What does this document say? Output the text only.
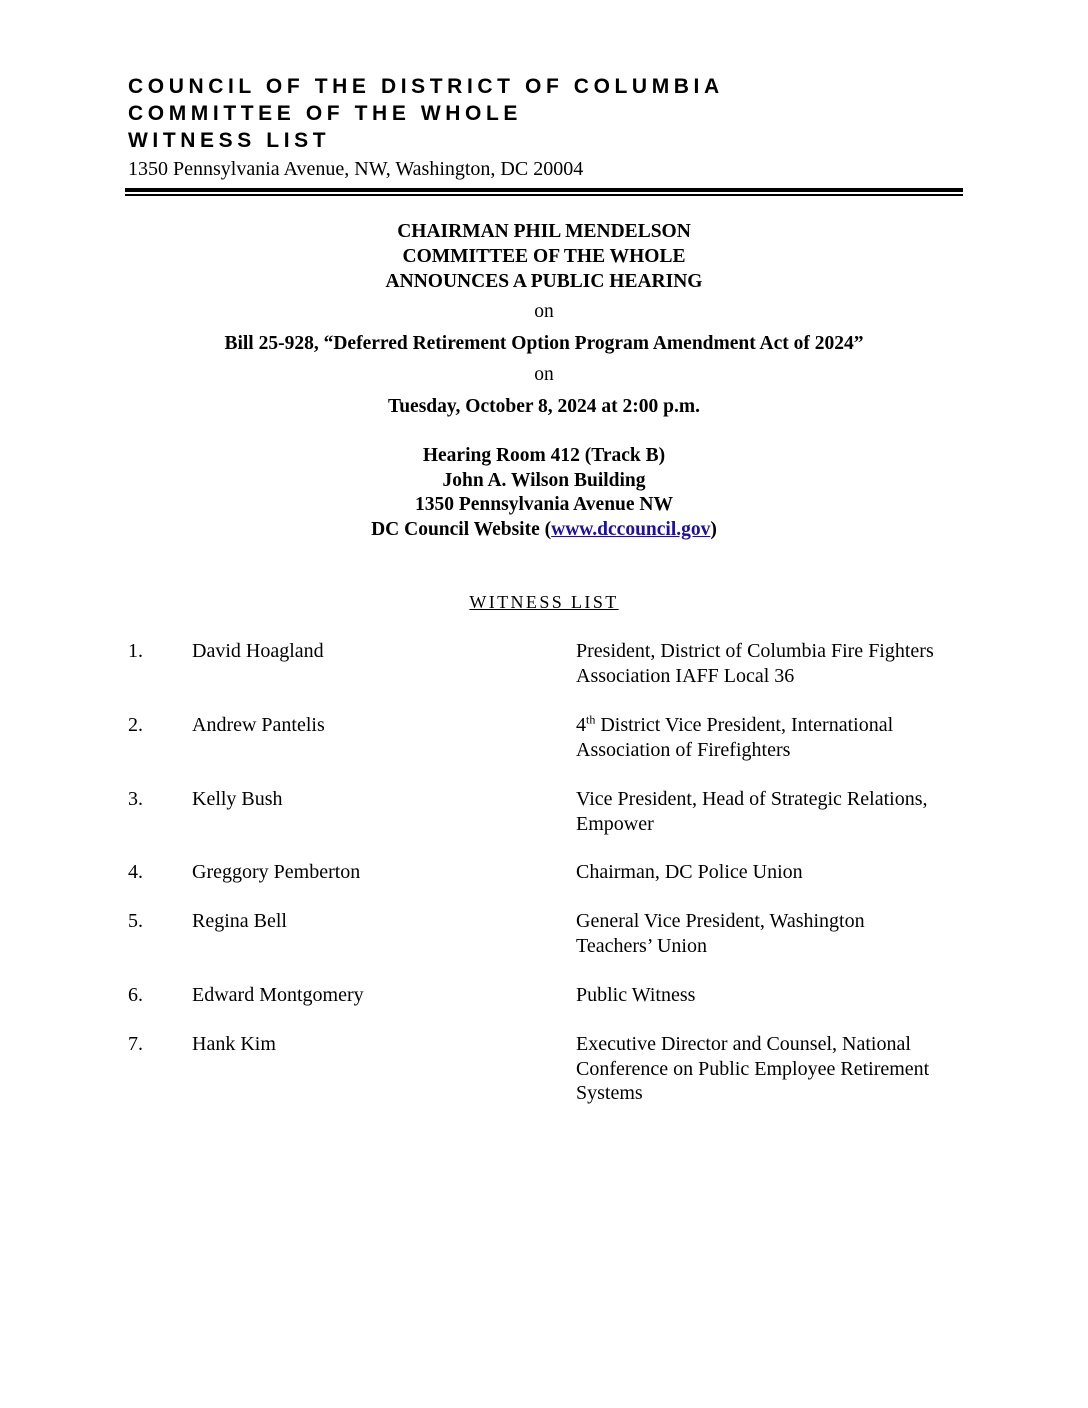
COUNCIL OF THE DISTRICT OF COLUMBIA
COMMITTEE OF THE WHOLE
WITNESS LIST
1350 Pennsylvania Avenue, NW, Washington, DC 20004
CHAIRMAN PHIL MENDELSON
COMMITTEE OF THE WHOLE
ANNOUNCES A PUBLIC HEARING
on
Bill 25-928, “Deferred Retirement Option Program Amendment Act of 2024”
on
Tuesday, October 8, 2024 at 2:00 p.m.
Hearing Room 412 (Track B)
John A. Wilson Building
1350 Pennsylvania Avenue NW
DC Council Website (www.dccouncil.gov)
WITNESS LIST
1. David Hoagland	President, District of Columbia Fire Fighters
Association IAFF Local 36
2. Andrew Pantelis	4th District Vice President, International
Association of Firefighters
3. Kelly Bush	Vice President, Head of Strategic Relations,
Empower
4. Greggory Pemberton	Chairman, DC Police Union
5. Regina Bell	General Vice President, Washington
Teachers’ Union
6. Edward Montgomery	Public Witness
7. Hank Kim	Executive Director and Counsel, National
Conference on Public Employee Retirement
Systems
